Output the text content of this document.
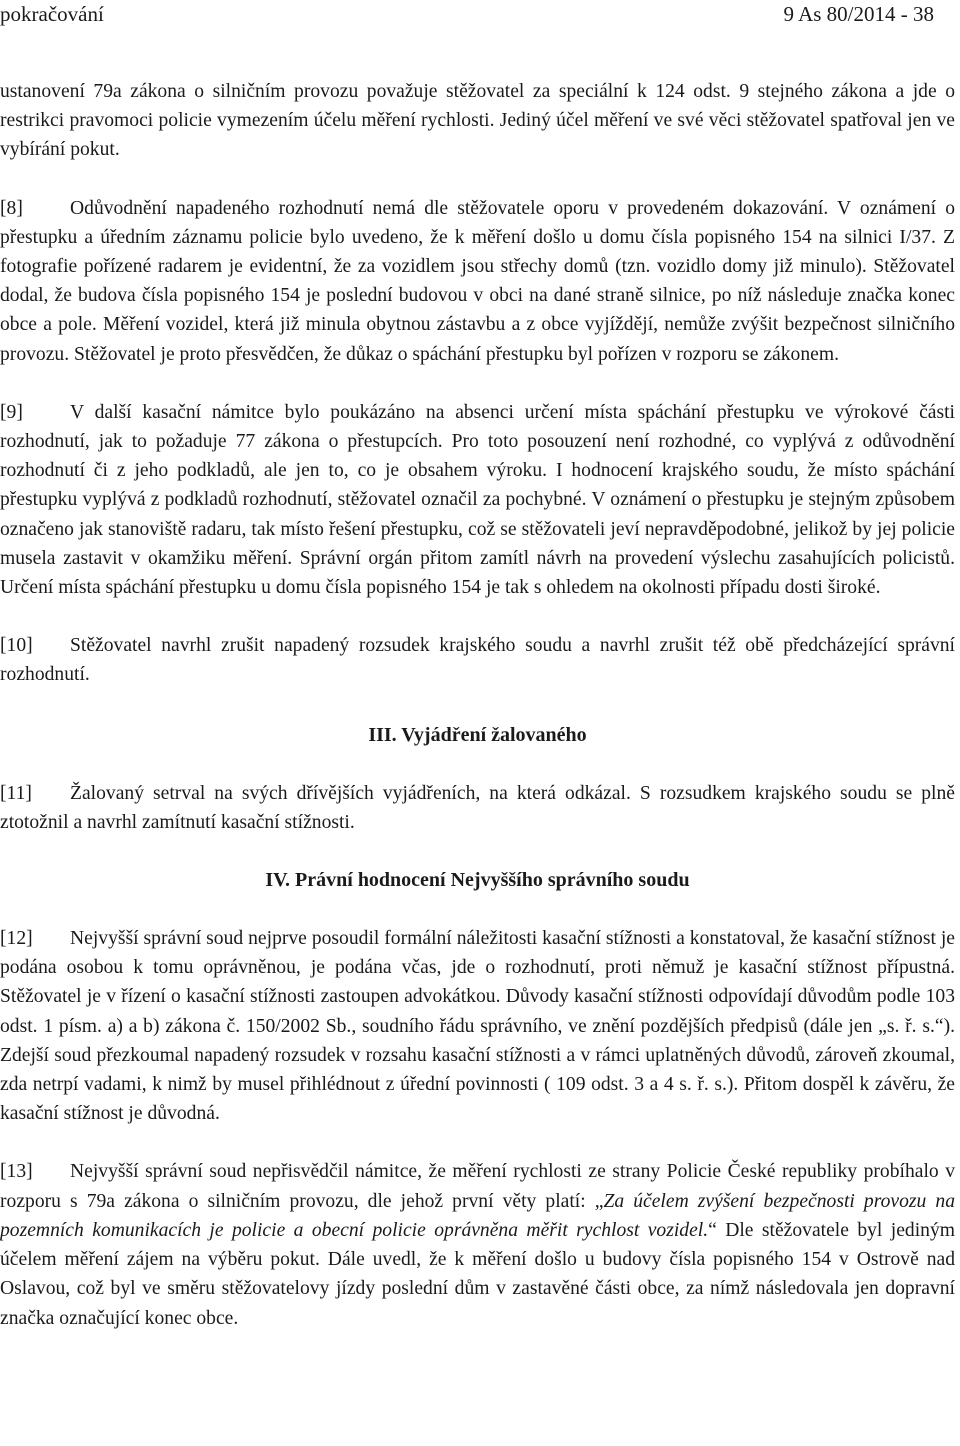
pokračování	9 As 80/2014 - 38

ustanovení 79a zákona o silničním provozu považuje stěžovatel za speciální k 124 odst. 9 stejného zákona a jde o restrikci pravomoci policie vymezením účelu měření rychlosti. Jediný účel měření ve své věci stěžovatel spatřoval jen ve vybírání pokut.

[8] Odůvodnění napadeného rozhodnutí nemá dle stěžovatele oporu v provedeném dokazování. V oznámení o přestupku a úředním záznamu policie bylo uvedeno, že k měření došlo u domu čísla popisného 154 na silnici I/37. Z fotografie pořízené radarem je evidentní, že za vozidlem jsou střechy domů (tzn. vozidlo domy již minulo). Stěžovatel dodal, že budova čísla popisného 154 je poslední budovou v obci na dané straně silnice, po níž následuje značka konec obce a pole. Měření vozidel, která již minula obytnou zástavbu a z obce vyjíždějí, nemůže zvýšit bezpečnost silničního provozu. Stěžovatel je proto přesvědčen, že důkaz o spáchání přestupku byl pořízen v rozporu se zákonem.

[9] V další kasační námitce bylo poukázáno na absenci určení místa spáchání přestupku ve výrokové části rozhodnutí, jak to požaduje 77 zákona o přestupcích. Pro toto posouzení není rozhodné, co vyplývá z odůvodnění rozhodnutí či z jeho podkladů, ale jen to, co je obsahem výroku. I hodnocení krajského soudu, že místo spáchání přestupku vyplývá z podkladů rozhodnutí, stěžovatel označil za pochybné. V oznámení o přestupku je stejným způsobem označeno jak stanoviště radaru, tak místo řešení přestupku, což se stěžovateli jeví nepravděpodobné, jelikož by jej policie musela zastavit v okamžiku měření. Správní orgán přitom zamítl návrh na provedení výslechu zasahujících policistů. Určení místa spáchání přestupku u domu čísla popisného 154 je tak s ohledem na okolnosti případu dosti široké.

[10] Stěžovatel navrhl zrušit napadený rozsudek krajského soudu a navrhl zrušit též obě předcházející správní rozhodnutí.

III. Vyjádření žalovaného

[11] Žalovaný setrval na svých dřívějších vyjádřeních, na která odkázal. S rozsudkem krajského soudu se plně ztotožnil a navrhl zamítnutí kasační stížnosti.

IV. Právní hodnocení Nejvyššího správního soudu

[12] Nejvyšší správní soud nejprve posoudil formální náležitosti kasační stížnosti a konstatoval, že kasační stížnost je podána osobou k tomu oprávněnou, je podána včas, jde o rozhodnutí, proti němuž je kasační stížnost přípustná. Stěžovatel je v řízení o kasační stížnosti zastoupen advokátkou. Důvody kasační stížnosti odpovídají důvodům podle 103 odst. 1 písm. a) a b) zákona č. 150/2002 Sb., soudního řádu správního, ve znění pozdějších předpisů (dále jen „s. ř. s.“). Zdejší soud přezkoumal napadený rozsudek v rozsahu kasační stížnosti a v rámci uplatněných důvodů, zároveň zkoumal, zda netrpí vadami, k nimž by musel přihlédnout z úřední povinnosti ( 109 odst. 3 a 4 s. ř. s.). Přitom dospěl k závěru, že kasační stížnost je důvodná.

[13] Nejvyšší správní soud nepřisvědčil námitce, že měření rychlosti ze strany Policie České republiky probíhalo v rozporu s 79a zákona o silničním provozu, dle jehož první věty platí: „Za účelem zvýšení bezpečnosti provozu na pozemních komunikacích je policie a obecní policie oprávněna měřit rychlost vozidel.“ Dle stěžovatele byl jediným účelem měření zájem na výběru pokut. Dále uvedl, že k měření došlo u budovy čísla popisného 154 v Ostrově nad Oslavou, což byl ve směru stěžovatelovy jízdy poslední dům v zastavěné části obce, za nímž následovala jen dopravní značka označující konec obce.
